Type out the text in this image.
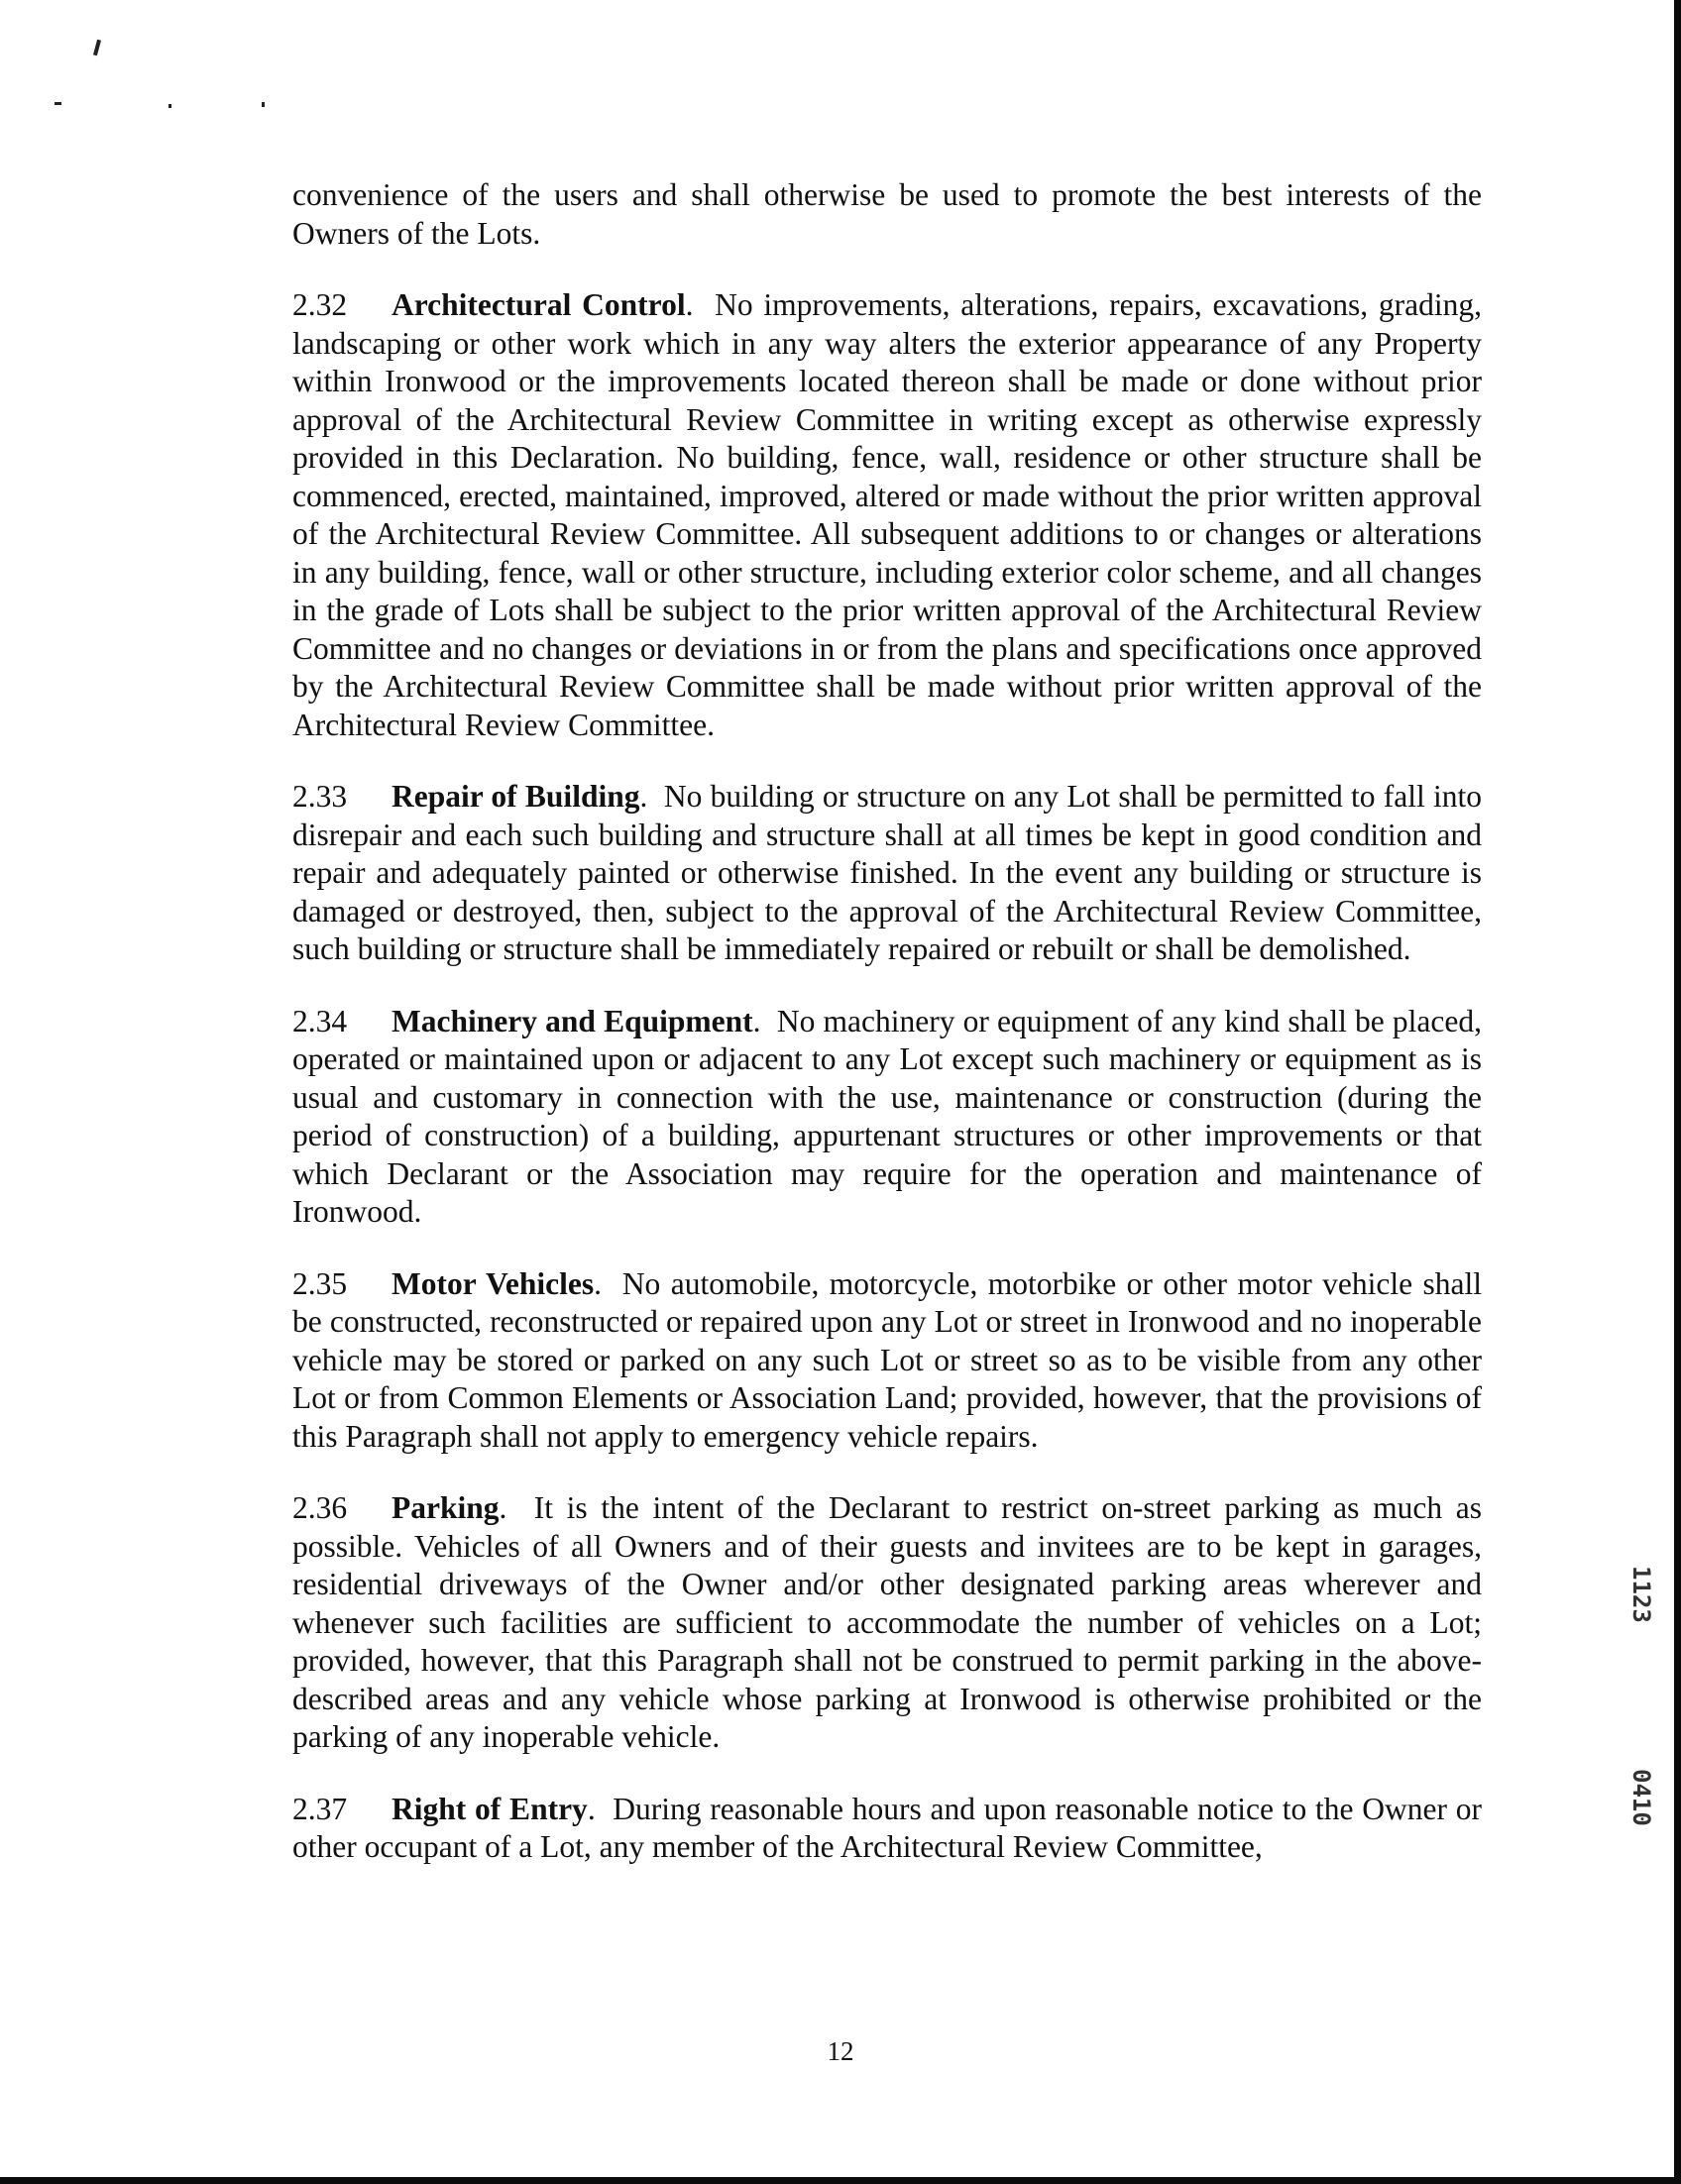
convenience of the users and shall otherwise be used to promote the best interests of the Owners of the Lots.

2.32 Architectural Control.  No improvements, alterations, repairs, excavations, grading, landscaping or other work which in any way alters the exterior appearance of any Property within Ironwood or the improvements located thereon shall be made or done without prior approval of the Architectural Review Committee in writing except as otherwise expressly provided in this Declaration. No building, fence, wall, residence or other structure shall be commenced, erected, maintained, improved, altered or made without the prior written approval of the Architectural Review Committee. All subsequent additions to or changes or alterations in any building, fence, wall or other structure, including exterior color scheme, and all changes in the grade of Lots shall be subject to the prior written approval of the Architectural Review Committee and no changes or deviations in or from the plans and specifications once approved by the Architectural Review Committee shall be made without prior written approval of the Architectural Review Committee.

2.33 Repair of Building.  No building or structure on any Lot shall be permitted to fall into disrepair and each such building and structure shall at all times be kept in good condition and repair and adequately painted or otherwise finished. In the event any building or structure is damaged or destroyed, then, subject to the approval of the Architectural Review Committee, such building or structure shall be immediately repaired or rebuilt or shall be demolished.

2.34 Machinery and Equipment.  No machinery or equipment of any kind shall be placed, operated or maintained upon or adjacent to any Lot except such machinery or equipment as is usual and customary in connection with the use, maintenance or construction (during the period of construction) of a building, appurtenant structures or other improvements or that which Declarant or the Association may require for the operation and maintenance of Ironwood.

2.35 Motor Vehicles.  No automobile, motorcycle, motorbike or other motor vehicle shall be constructed, reconstructed or repaired upon any Lot or street in Ironwood and no inoperable vehicle may be stored or parked on any such Lot or street so as to be visible from any other Lot or from Common Elements or Association Land; provided, however, that the provisions of this Paragraph shall not apply to emergency vehicle repairs.

2.36 Parking.  It is the intent of the Declarant to restrict on-street parking as much as possible. Vehicles of all Owners and of their guests and invitees are to be kept in garages, residential driveways of the Owner and/or other designated parking areas wherever and whenever such facilities are sufficient to accommodate the number of vehicles on a Lot; provided, however, that this Paragraph shall not be construed to permit parking in the above-described areas and any vehicle whose parking at Ironwood is otherwise prohibited or the parking of any inoperable vehicle.

2.37 Right of Entry.  During reasonable hours and upon reasonable notice to the Owner or other occupant of a Lot, any member of the Architectural Review Committee,

1123
0410
12
